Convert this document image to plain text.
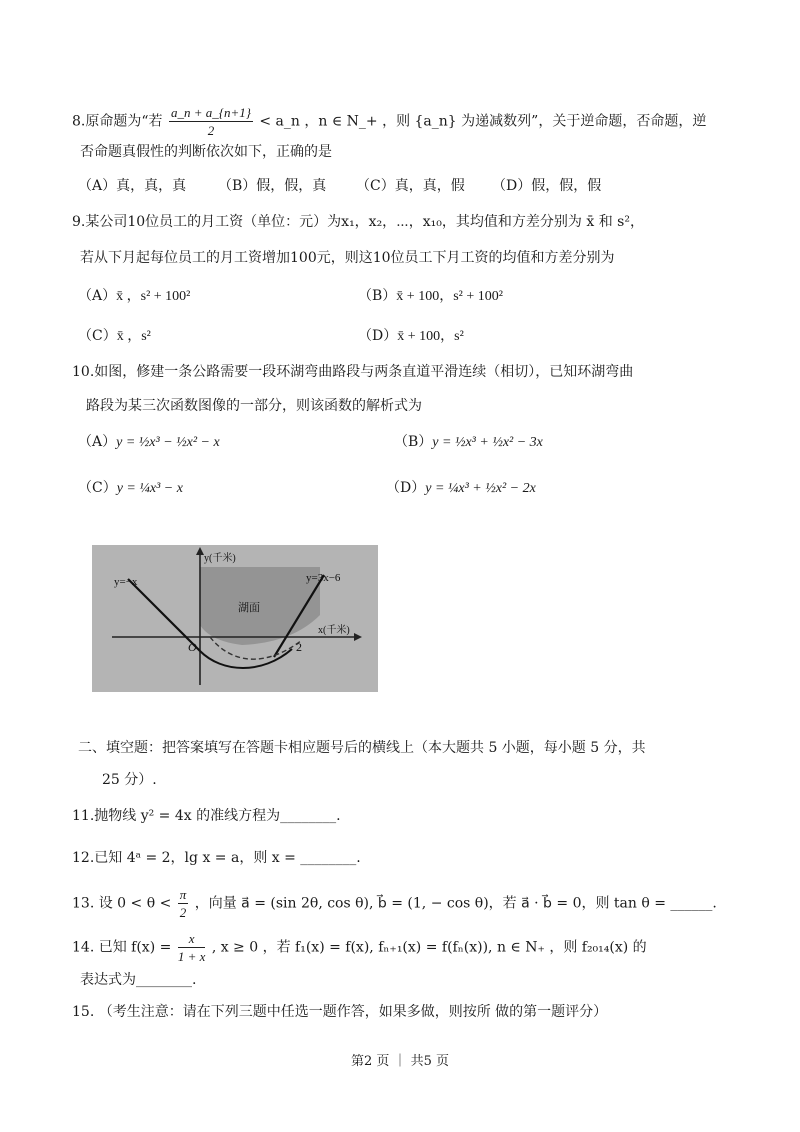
8.原命题为“若 $\frac{a\_n + a\_\{n+1\}}{2}$ < a_n ，n ∈ N_+ ，则 {a_n} 为递减数列”，关于逆命题，否命题，逆
否命题真假性的判断依次如下，正确的是
（A）真，真，真 （B）假，假，真 （C）真，真，假 （D）假，假，假
9.某公司10位员工的月工资（单位：元）为x₁，x₂，⋯，x₁₀，其均值和方差分别为 x̄ 和 s²，
若从下月起每位员工的月工资增加100元，则这10位员工下月工资的均值和方差分别为
（A）x̄ ，s² + 100²	（B）x̄ + 100，s² + 100²
（C）x̄ ，s²	（D）x̄ + 100，s²
10.如图，修建一条公路需要一段环湖弯曲路段与两条直道平滑连续（相切），已知环湖弯曲
路段为某三次函数图像的一部分，则该函数的解析式为
（A）y = ½x³ − ½x² − x	（B）y = ½x³ + ½x² − 3x
（C）y = ¼x³ − x	（D）y = ¼x³ + ½x² − 2x
y=−x	y=3x−6
y(千米)
x(千米)
湖面
O	2
二、填空题：把答案填写在答题卡相应题号后的横线上（本大题共 5 小题，每小题 5 分，共
25 分）.
11.抛物线 y² = 4x 的准线方程为________.
12.已知 4ᵃ = 2，lg x = a，则 x = ________.
13. 设 $0 < \theta < \frac{\pi}{2}$ ，向量 a⃗ = (sin 2θ, cos θ), b⃗ = (1, − cos θ)，若 a⃗ · b⃗ = 0，则 tan θ = ______.
14. 已知 $f(x) = \frac{x}{1 + x}$ , x ≥ 0 ，若 f₁(x) = f(x), fₙ₊₁(x) = f(fₙ(x)), n ∈ N₊ ，则 f₂₀₁₄(x) 的
表达式为________.
15. （考生注意：请在下列三题中任选一题作答，如果多做，则按所 做的第一题评分）
第2 页 ｜ 共5 页
